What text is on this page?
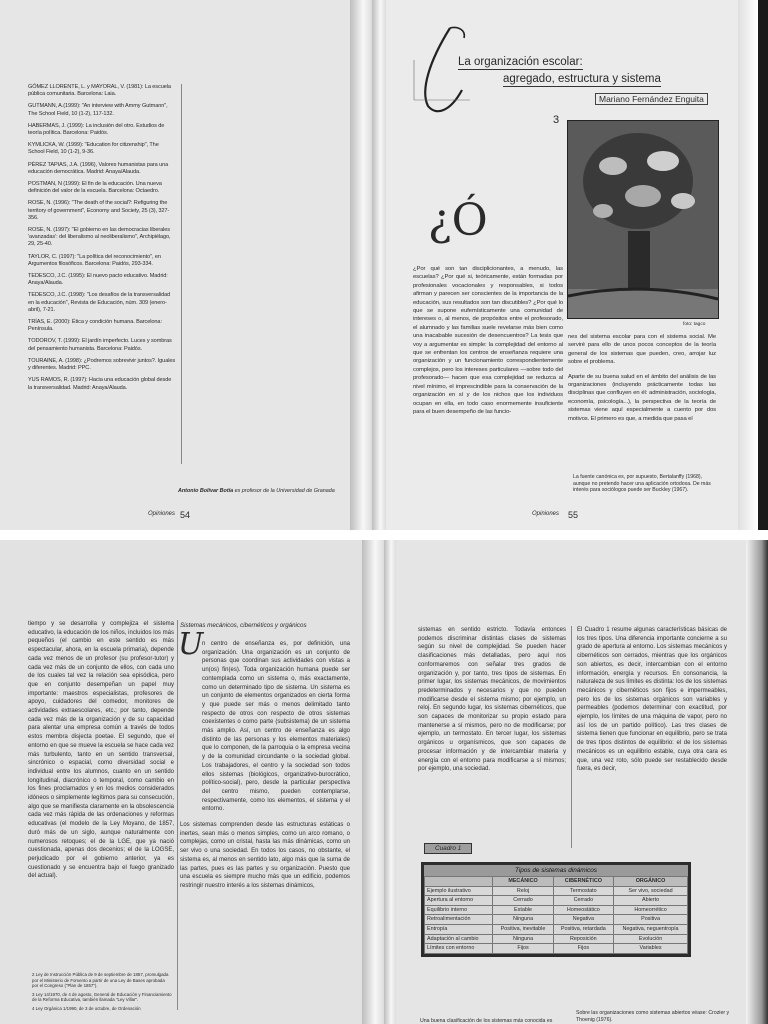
GÓMEZ LLORENTE, L. y MAYORAL, V. (1981): La escuela pública comunitaria. Barcelona: Laia.

GUTMANN, A.(1999): "An interview with Ammy Gutmann", The School Field, 10 (1-2), 117-132.

HABERMAS, J. (1999): La inclusión del otro. Estudios de teoría política. Barcelona: Paidós.

KYMLICKA, W. (1999): "Education for citizenship", The School Field, 10 (1-2), 9-36.

PÉREZ TAPIAS, J.A. (1996), Valores humanistas para una educación democrática. Madrid: Anaya/Alauda.

POSTMAN, N (1999): El fin de la educación. Una nueva definición del valor de la escuela. Barcelona: Octaedro.

ROSE, N. (1996): "The death of the social?: Refiguring the territory of government", Economy and Society, 25 (3), 327-356.

ROSE, N. (1997): "El gobierno en las democracias liberales 'avanzadas': del liberalismo al neoliberalismo", Archipiélago, 29, 25-40.

TAYLOR, C. (1997): "La política del reconocimiento", en Argumentos filosóficos. Barcelona: Paidós, 293-334.

TEDESCO, J.C. (1995): El nuevo pacto educativo. Madrid: Anaya/Alauda.

TEDESCO, J.C. (1998): "Los desafíos de la transversalidad en la educación", Revista de Educación, núm. 309 (enero-abril), 7-21.

TRÍAS, E. (2000): Ética y condición humana. Barcelona: Península.

TODOROV, T. (1999): El jardín imperfecto. Luces y sombras del pensamiento humanista. Barcelona: Paidós.

TOURAINE, A. (1998): ¿Podremos sobrevivir juntos?. Iguales y diferentes. Madrid: PPC.

YUS RAMOS, R. (1997): Hacia una educación global desde la transversalidad. Madrid: Anaya/Alauda.

Antonio Bolívar Botía es profesor de la Universidad de Granada
Opiniones 54
La organización escolar:
agregado, estructura y sistema
Mariano Fernández Enguita
3
foto: tagco
¿Ó
¿Por qué son tan disciplicionantes, a menudo, las escuelas? ¿Por qué si, teóricamente, están formadas por profesionales vocacionales y responsables, si todos afirman y parecen ser conscientes de la importancia de la educación, sus resultados son tan discutibles? ¿Por qué lo que se supone eufemísticamente una comunidad de intereses o, al menos, de propósitos entre el profesorado, el alumnado y las familias suele revelarse más bien como una inacabable sucesión de desencuentros? La tesis que voy a argumentar es simple: la complejidad del entorno al que se enfrentan los centros de enseñanza requiere una organización y un funcionamiento correspondientemente complejos, pero los intereses particulares —sobre todo del profesorado— hacen que esa complejidad se reduzca al nivel mínimo, el imprescindible para la conservación de la organización en sí y de los nichos que los individuos ocupan en ella, en todo caso enormemente insuficiente para el buen desempeño de las funcio-

nes del sistema escolar para con el sistema social. Me serviré para ello de unos pocos conceptos de la teoría general de los sistemas que pueden, creo, arrojar luz sobre el problema.

Aparte de su buena salud en el ámbito del análisis de las organizaciones (incluyendo prácticamente todas las disciplinas que confluyen en él: administración, sociología, economía, psicología...), la perspectiva de la teoría de sistemas viene aquí especialmente a cuento por dos motivos. El primero es que, a medida que pasa el

La fuente canónica es, por supuesto, Bertalanffy (1968), aunque no pretendo hacer una aplicación ortodoxa. De más interés para sociólogos puede ser Buckley (1967).
Opiniones 55
tiempo y se desarrolla y complejiza el sistema educativo, la educación de los niños, incluidos los más pequeños (el cambio en este sentido es más espectacular, ahora, en la escuela primaria), depende cada vez menos de un profesor (su profesor-tutor) y cada vez más de un conjunto de ellos, con cada uno de los cuales tal vez la relación sea episódica, pero que en conjunto desempeñan un papel muy importante: maestros especialistas, profesores de apoyo, cuidadores del comedor, monitores de actividades extraescolares, etc.; por tanto, depende cada vez más de la organización y de su capacidad para alentar una empresa común a través de todos estos membra disjecta poetae. El segundo, que el entorno en que se mueve la escuela se hace cada vez más turbulento, tanto en un sentido transversal, sincrónico o espacial, como diversidad social e individual entre los alumnos, cuanto en un sentido longitudinal, diacrónico o temporal, como cambio en los fines proclamados y en los medios considerados idóneos o simplemente legítimos para su consecución, algo que se manifiesta claramente en la obsolescencia cada vez más rápida de las ordenaciones y reformas educativas (el modelo de la Ley Moyano, de 1857, duró más de un siglo, aunque naturalmente con numerosos retoques; el de la LGE, que ya nació cuestionada, apenas dos decenios; el de la LOGSE, perjudicado por el gobierno anterior, ya es cuestionado y se encuentra bajo el fuego granizado del actual).
Sistemas mecánicos, cibernéticos y orgánicos
U

n centro de enseñanza es, por definición, una organización. Una organización es un conjunto de personas que coordinan sus actividades con vistas a un(os) fin(es). Toda organización humana puede ser contemplada como un sistema o, más exactamente, como un determinado tipo de sistema. Un sistema es un conjunto de elementos organizados en cierta forma y que puede ser más o menos delimitado tanto respecto de otros con respecto de otros sistemas coexistentes o como parte (subsistema) de un sistema más amplio. Así, un centro de enseñanza es algo distinto de las personas y los elementos materiales) que lo componen, de la parroquia o la empresa vecina y de la comunidad circundante o la sociedad global. Los trabajadores, el centro y la sociedad son todos ellos sistemas (biológicos, organizativo-burocrático, político-social), pero, desde la particular perspectiva del centro mismo, pueden contemplarse, respectivamente, como los elementos, el sistema y el entorno.

Los sistemas comprenden desde las estructuras estáticas o inertes, sean más o menos simples, como un arco romano, o complejas, como un cristal, hasta las más dinámicas, como un ser vivo o una sociedad. En todos los casos, no obstante, el sistema es, al menos en sentido lato, algo más que la suma de las partes, pues es las partes y su organización. Puesto que una escuela es siempre mucho más que un edificio, podemos restringir nuestro interés a los sistemas dinámicos,

2 Ley de Instrucción Pública de 9 de septiembre de 1857, promulgada por el Ministerio de Fomento a partir de una Ley de Bases aprobada por el Congreso ("Plan de 1857").

3 Ley 14/1970, de 4 de agosto, General de Educación y Financiamiento de la Reforma Educativa, también llamada "Ley Villar".

4 Ley Orgánica 1/1990, de 3 de octubre, de Ordenación

sistemas en sentido estricto. Todavía entonces podemos discriminar distintas clases de sistemas según su nivel de complejidad. Se pueden hacer clasificaciones más detalladas, pero aquí nos conformaremos con señalar tres grados de organización y, por tanto, tres tipos de sistemas. En primer lugar, los sistemas mecánicos, de movimientos predeterminados y necesarios y que no pueden modificarse desde el sistema mismo; por ejemplo, un reloj. En segundo lugar, los sistemas cibernéticos, que son capaces de monitorizar su propio estado para mantenerse a sí mismos, pero no de modificarse; por ejemplo, un termostato. En tercer lugar, los sistemas orgánicos u organísmicos, que son capaces de procesar información y de intercambiar materia y energía con el entorno para modificarse a sí mismos; por ejemplo, una sociedad.
El Cuadro 1 resume algunas características básicas de los tres tipos. Una diferencia importante concierne a su grado de apertura al entorno. Los sistemas mecánicos y cibernéticos son cerrados, mientras que los orgánicos son abiertos, es decir, intercambian con el entorno información, energía y recursos. En consonancia, la naturaleza de sus límites es distinta: los de los sistemas mecánicos y cibernéticos son fijos e impermeables, pero los de los sistemas orgánicos son variables y permeables (podemos determinar con exactitud, por ejemplo, los límites de una máquina de vapor, pero no así los de un partido político). Las tres clases de sistema tienen que funcionar en equilibrio, pero se trata de tres tipos distintos de equilibrio: el de los sistemas mecánicos es un equilibrio estable, cuya otra cara es que, una vez roto, sólo puede ser restablecido desde fuera, es decir,
Una buena clasificación de los sistemas más conocida es
Sobre las organizaciones como sistemas abiertos véase: Crozier y Thoenig (1976).
Cuadro 1
Tipos de sistemas dinámicos
	MECÁNICO	CIBERNÉTICO	ORGÁNICO
Ejemplo ilustrativo	Reloj	Termostato	Ser vivo, sociedad
Apertura al entorno	Cerrado	Cerrado	Abierto
Equilibrio interno	Estable	Homeostático	Homeorrético
Retroalimentación	Ninguna	Negativa	Positiva
Entropía	Positiva, inevitable	Positiva, retardada	Negativa, neguentropía
Adaptación al cambio	Ninguna	Reposición	Evolución
Límites con entorno	Fijos	Fijos	Variables
